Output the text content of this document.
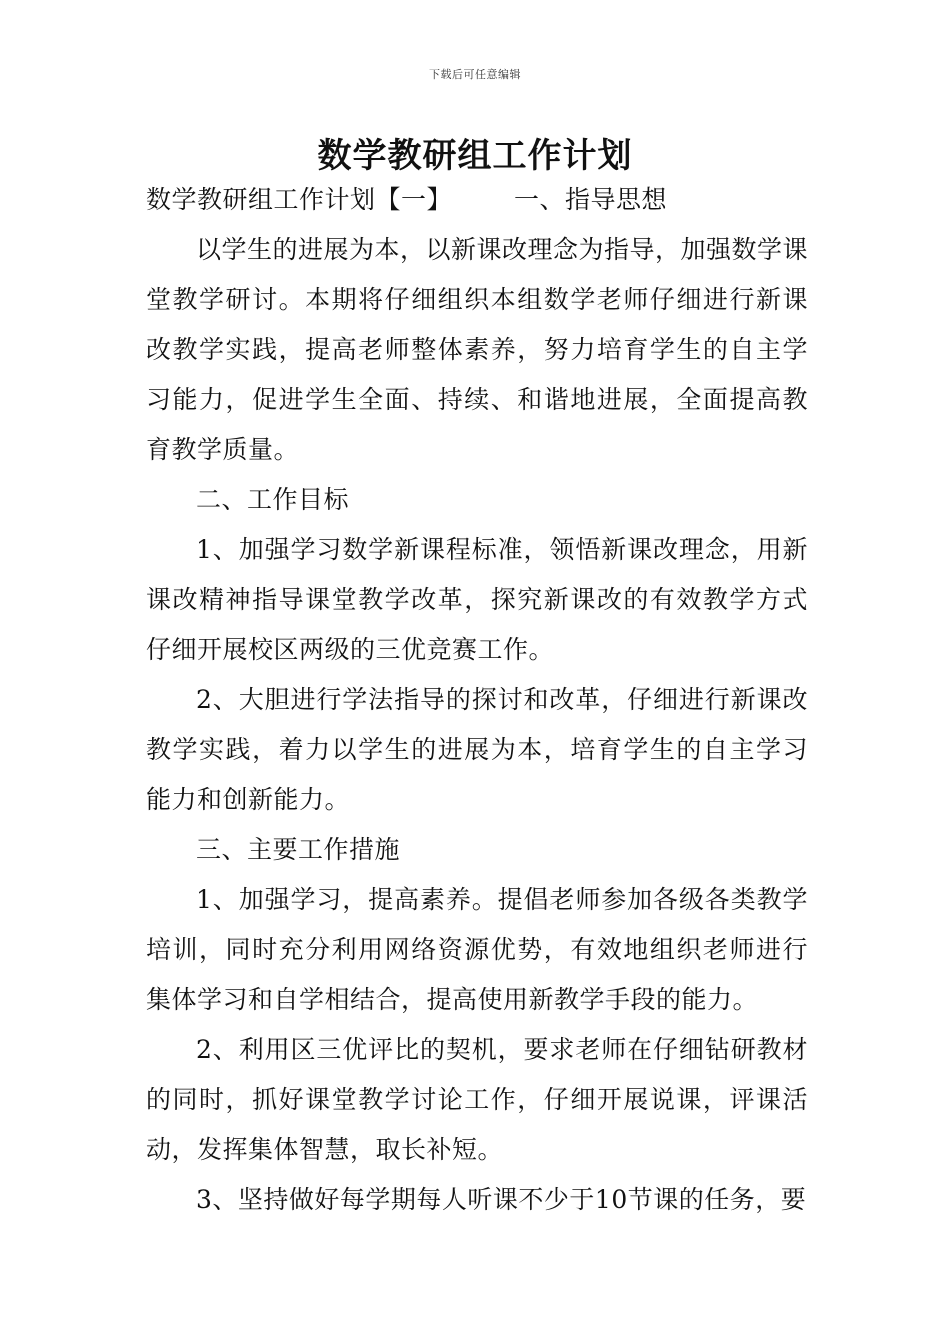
下载后可任意编辑
数学教研组工作计划

数学教研组工作计划【一】 一、指导思想

以学生的进展为本，以新课改理念为指导，加强数学课堂教学研讨。本期将仔细组织本组数学老师仔细进行新课改教学实践，提高老师整体素养，努力培育学生的自主学习能力，促进学生全面、持续、和谐地进展，全面提高教育教学质量。

二、工作目标

1、加强学习数学新课程标准，领悟新课改理念，用新课改精神指导课堂教学改革，探究新课改的有效教学方式仔细开展校区两级的三优竞赛工作。

2、大胆进行学法指导的探讨和改革，仔细进行新课改教学实践，着力以学生的进展为本，培育学生的自主学习能力和创新能力。

三、主要工作措施

1、加强学习，提高素养。提倡老师参加各级各类教学培训，同时充分利用网络资源优势，有效地组织老师进行集体学习和自学相结合，提高使用新教学手段的能力。

2、利用区三优评比的契机，要求老师在仔细钻研教材的同时，抓好课堂教学讨论工作，仔细开展说课，评课活动，发挥集体智慧，取长补短。

3、坚持做好每学期每人听课不少于10节课的任务，要
